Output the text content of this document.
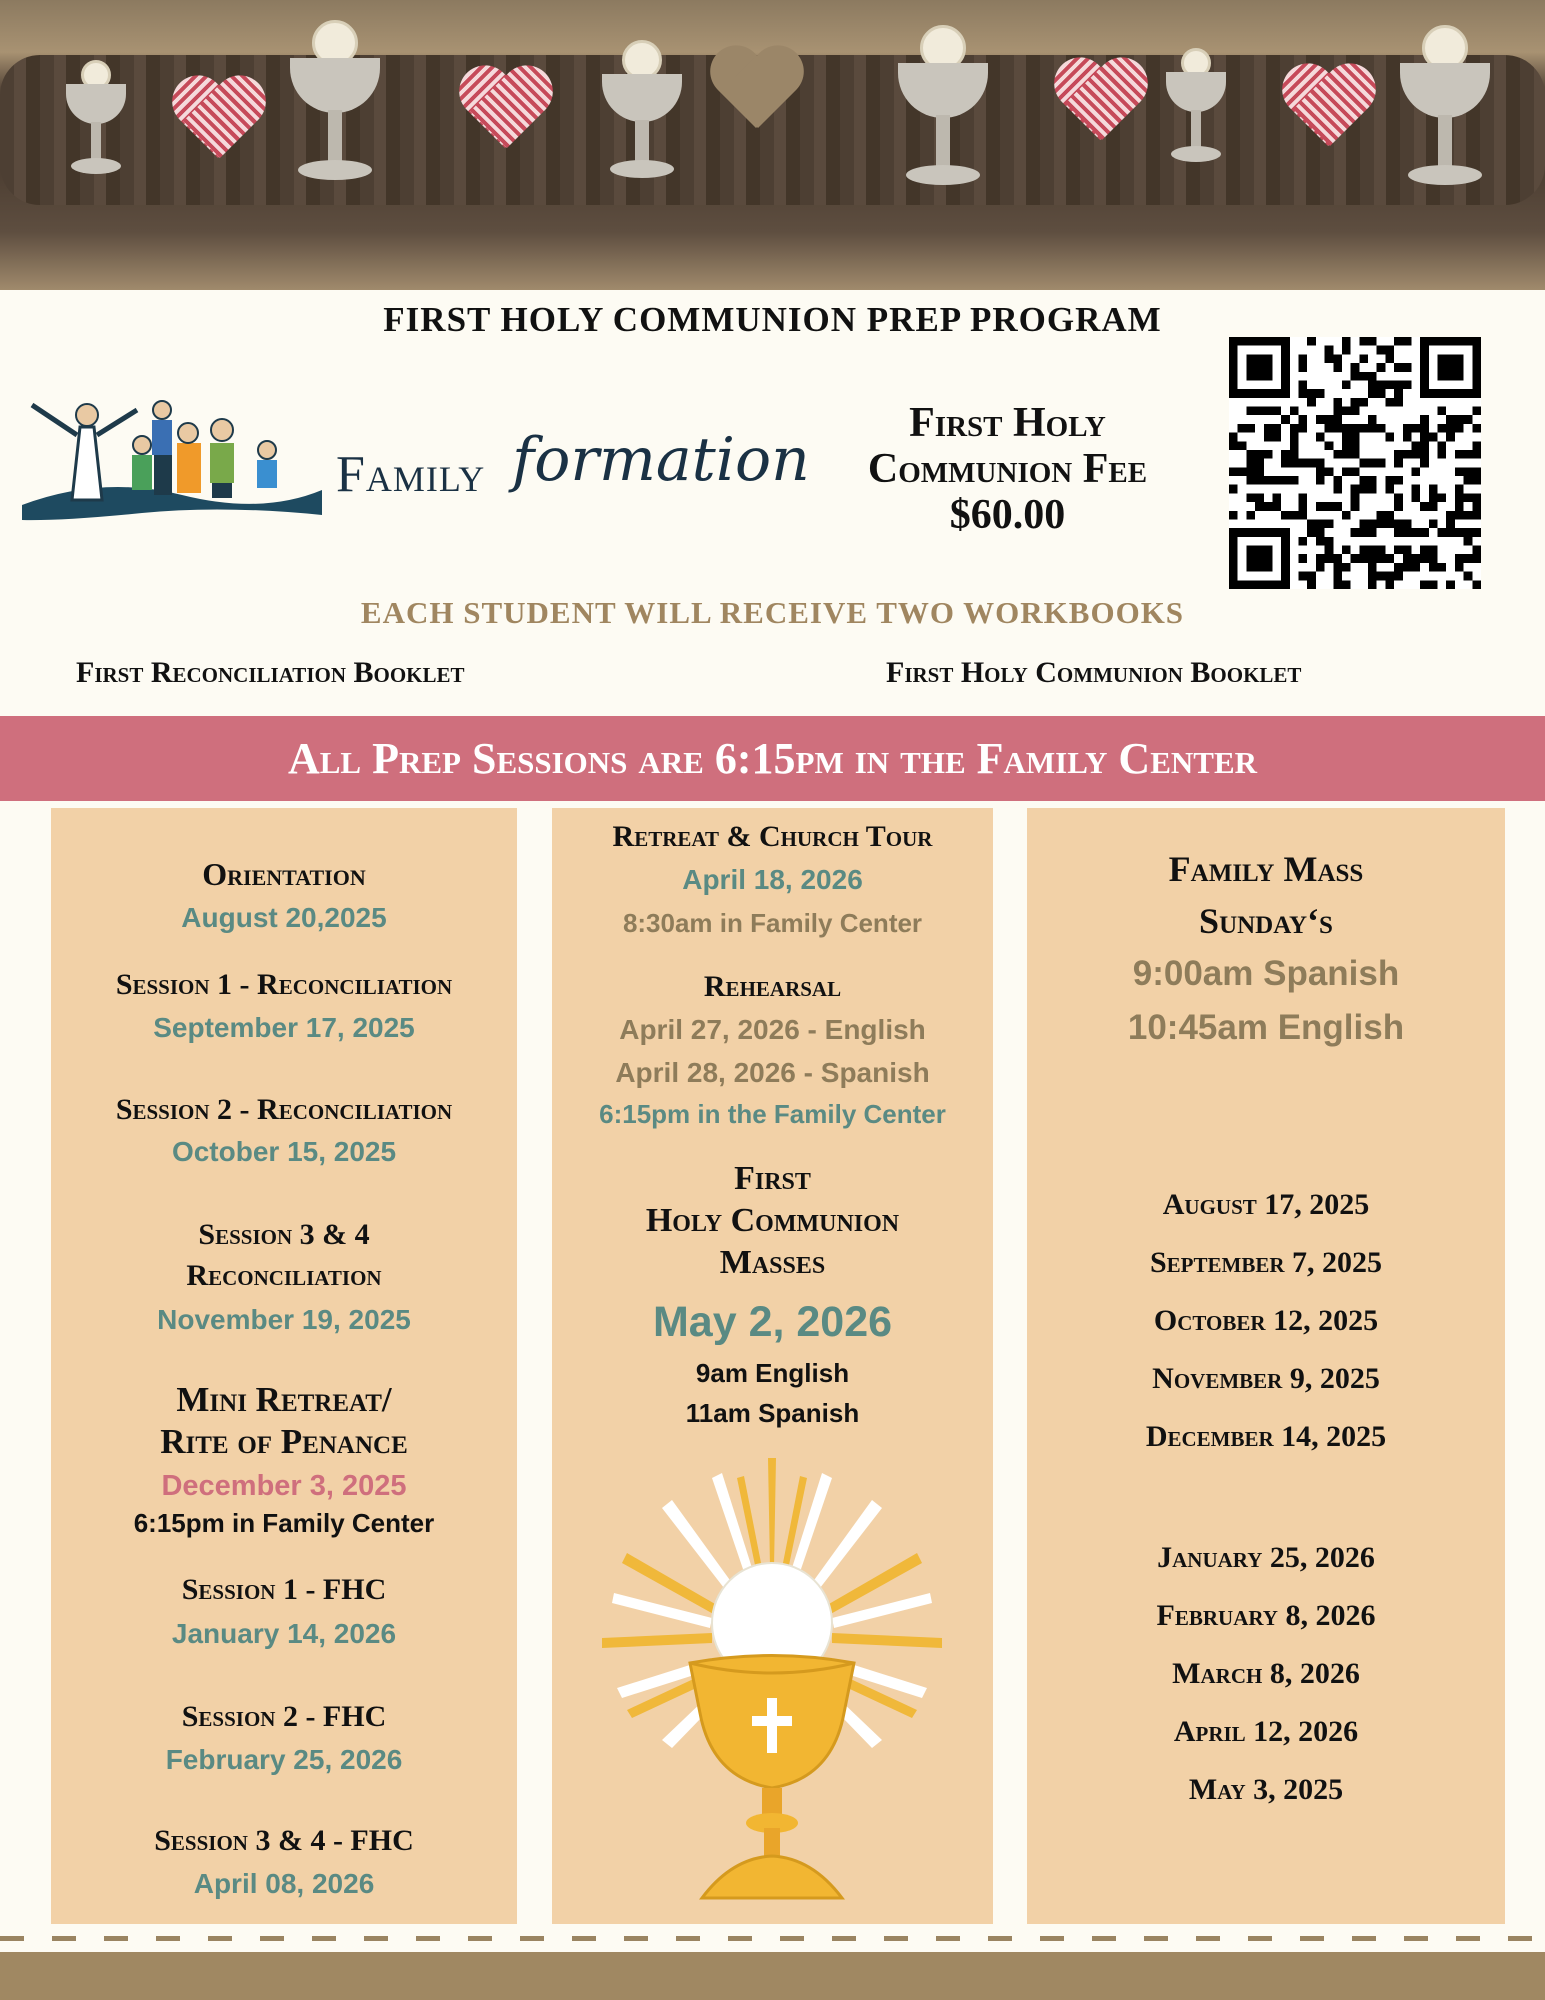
FIRST HOLY COMMUNION PREP PROGRAM
Family formation
First Holy
Communion Fee
$60.00
EACH STUDENT WILL RECEIVE TWO WORKBOOKS
First Reconciliation Booklet	First Holy Communion Booklet
All Prep Sessions are 6:15pm in the Family Center
Orientation
August 20,2025
Session 1 - Reconciliation
September 17, 2025
Session 2 - Reconciliation
October 15, 2025
Session 3 & 4
Reconciliation
November 19, 2025
Mini Retreat/
Rite of Penance
December 3, 2025
6:15pm in Family Center
Session 1 - FHC
January 14, 2026
Session 2 - FHC
February 25, 2026
Session 3 & 4 - FHC
April 08, 2026
Retreat & Church Tour
April 18, 2026
8:30am in Family Center
Rehearsal
April 27, 2026 - English
April 28, 2026 - Spanish
6:15pm in the Family Center
First
Holy Communion
Masses
May 2, 2026
9am English
11am Spanish
Family Mass
Sunday‘s
9:00am Spanish
10:45am English
August 17, 2025
September 7, 2025
October 12, 2025
November 9, 2025
December 14, 2025
January 25, 2026
February 8, 2026
March 8, 2026
April 12, 2026
May 3, 2025
